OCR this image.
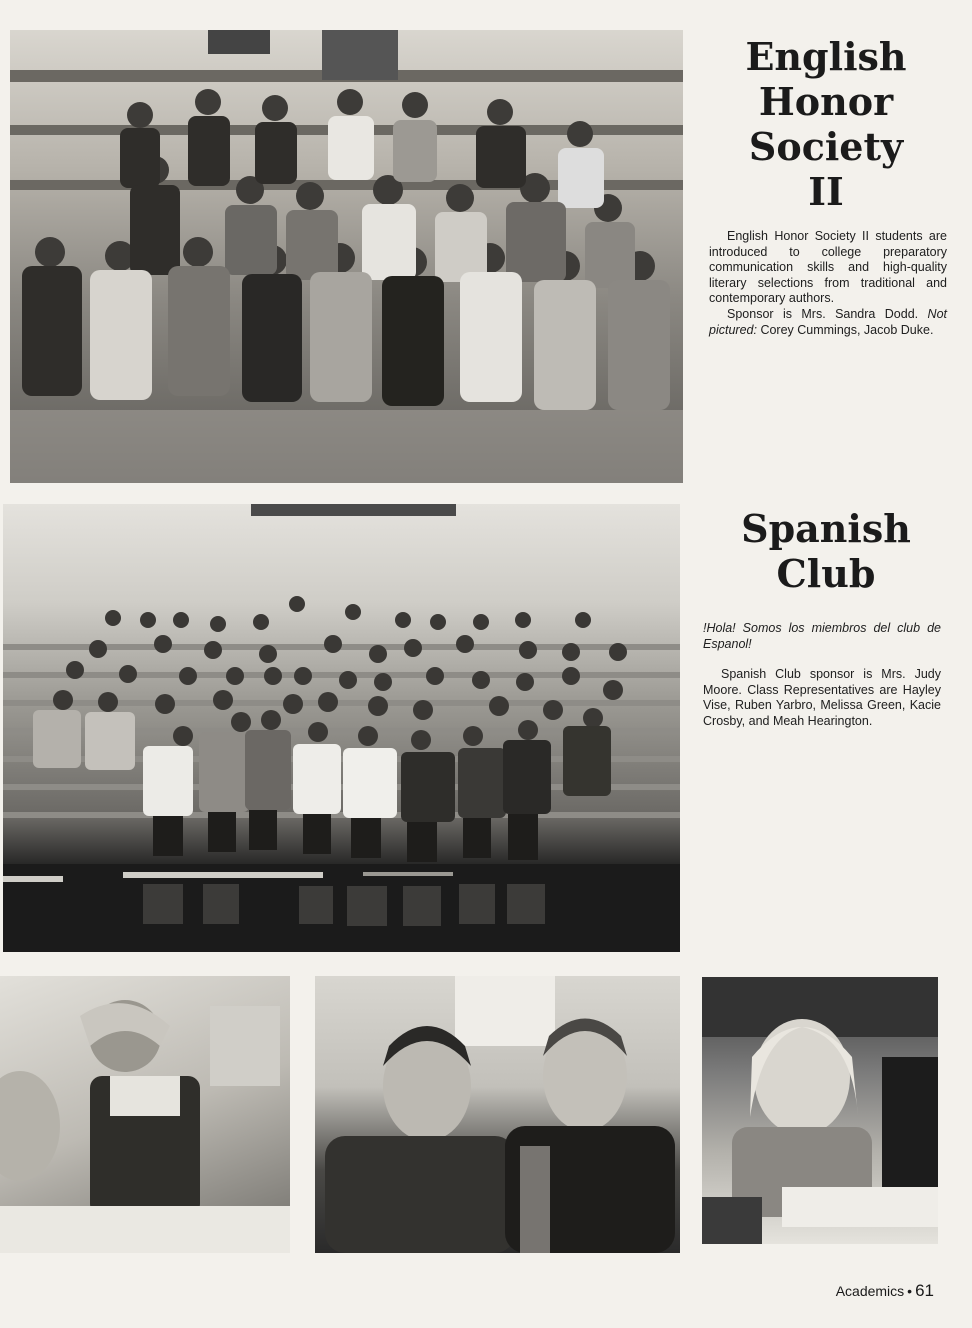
English
Honor
Society
II

English Honor Society II students are introduced to college preparatory communication skills and high-quality literary selections from traditional and contemporary authors.

Sponsor is Mrs. Sandra Dodd. Not pictured: Corey Cummings, Jacob Duke.

Spanish
Club

!Hola! Somos los miembros del club de Espanol!

Spanish Club sponsor is Mrs. Judy Moore. Class Representatives are Hayley Vise, Ruben Yarbro, Melissa Green, Kacie Crosby, and Meah Hearington.

Academics • 61
